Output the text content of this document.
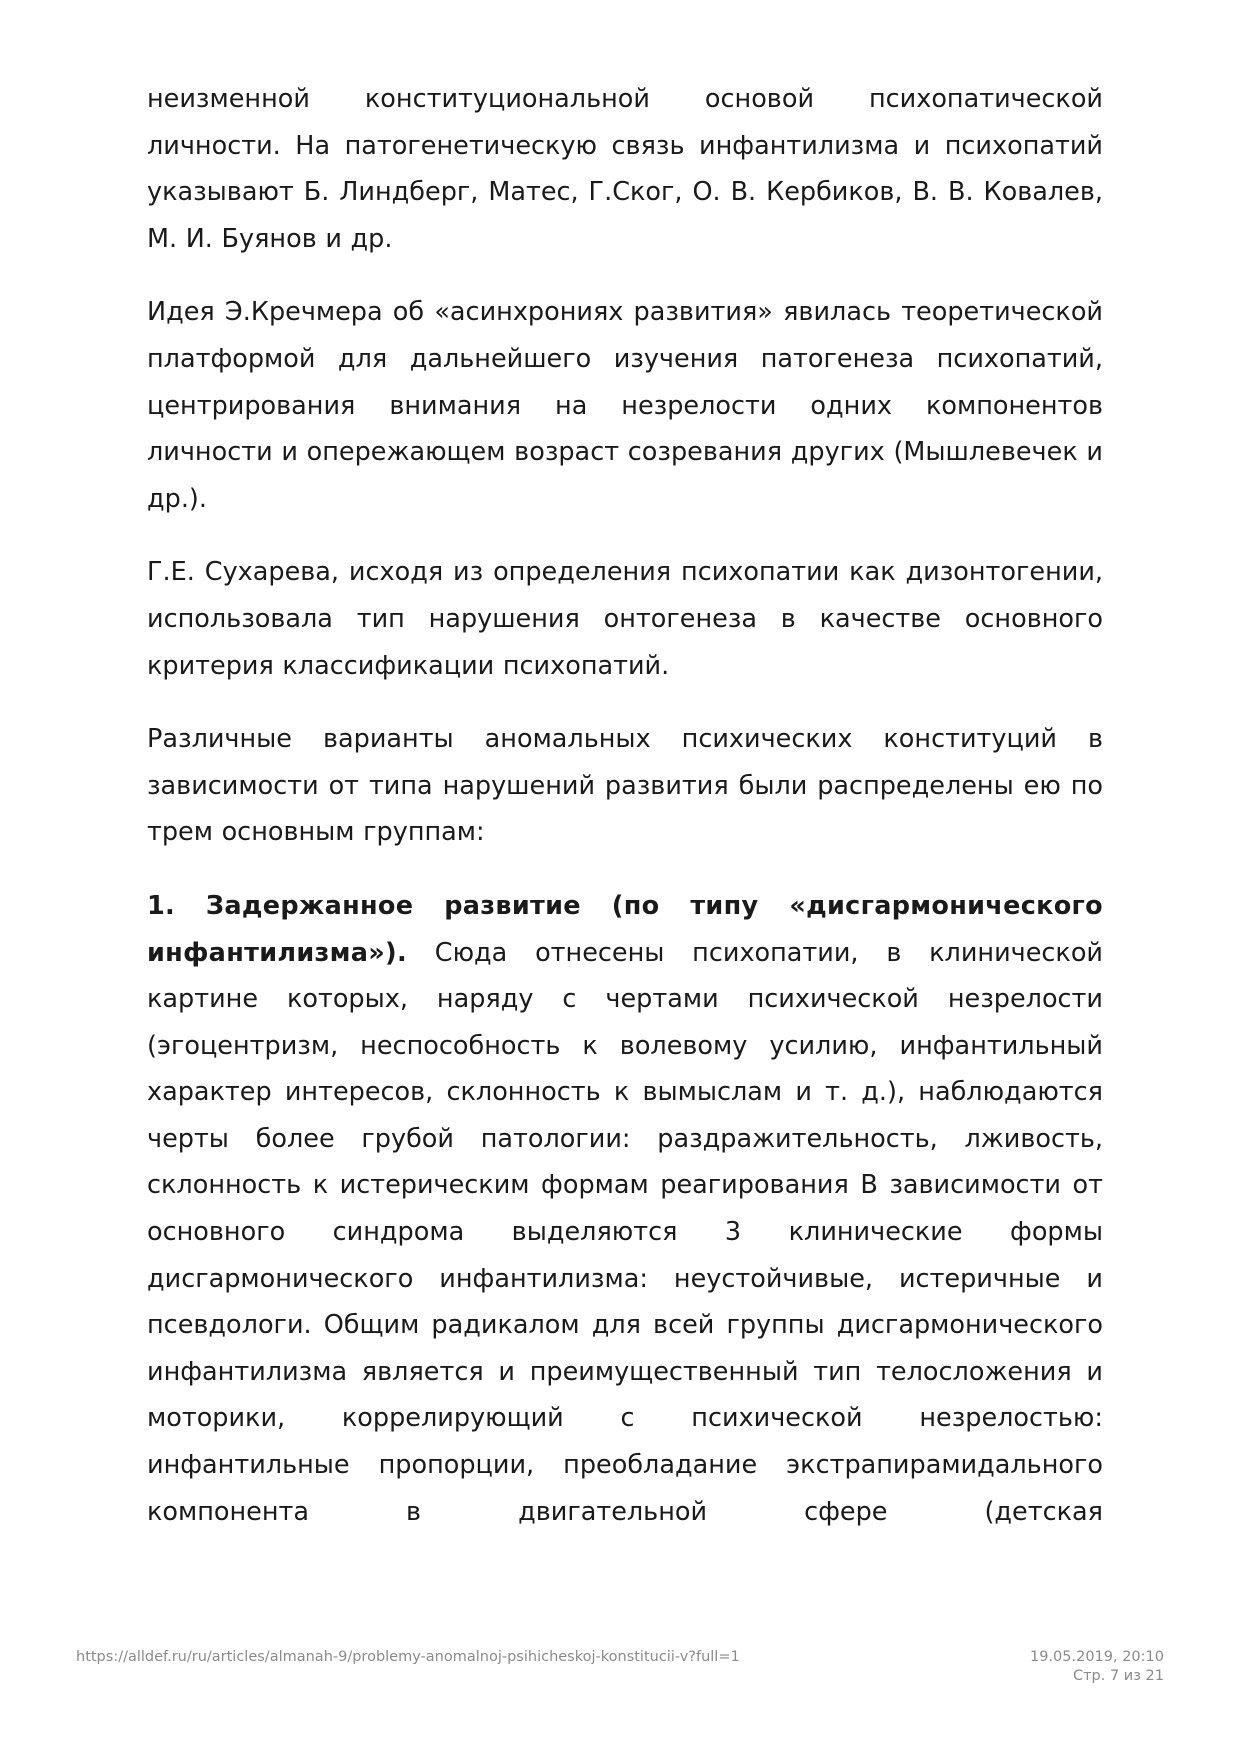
неизменной конституциональной основой психопатической личности. На патогенетическую связь инфантилизма и психопатий указывают Б. Линдберг, Матес, Г.Ског, О. В. Кербиков, В. В. Ковалев, М. И. Буянов и др.

Идея Э.Кречмера об «асинхрониях развития» явилась теоретической платформой для дальнейшего изучения патогенеза психопатий, центрирования внимания на незрелости одних компонентов личности и опережающем возраст созревания других (Мышлевечек и др.).

Г.Е. Сухарева, исходя из определения психопатии как дизонтогении, использовала тип нарушения онтогенеза в качестве основного критерия классификации психопатий.

Различные варианты аномальных психических конституций в зависимости от типа нарушений развития были распределены ею по трем основным группам:

1. Задержанное развитие (по типу «дисгармонического инфантилизма»). Сюда отнесены психопатии, в клинической картине которых, наряду с чертами психической незрелости (эгоцентризм, неспособность к волевому усилию, инфантильный характер интересов, склонность к вымыслам и т. д.), наблюдаются черты более грубой патологии: раздражительность, лживость, склонность к истерическим формам реагирования В зависимости от основного синдрома выделяются 3 клинические формы дисгармонического инфантилизма: неустойчивые, истеричные и псевдологи. Общим радикалом для всей группы дисгармонического инфантилизма является и преимущественный тип телосложения и моторики, коррелирующий с психической незрелостью: инфантильные пропорции, преобладание экстрапирамидального компонента в двигательной сфере (детская

https://alldef.ru/ru/articles/almanah-9/problemy-anomalnoj-psihicheskoj-konstitucii-v?full=1	19.05.2019, 20:10
Стр. 7 из 21
